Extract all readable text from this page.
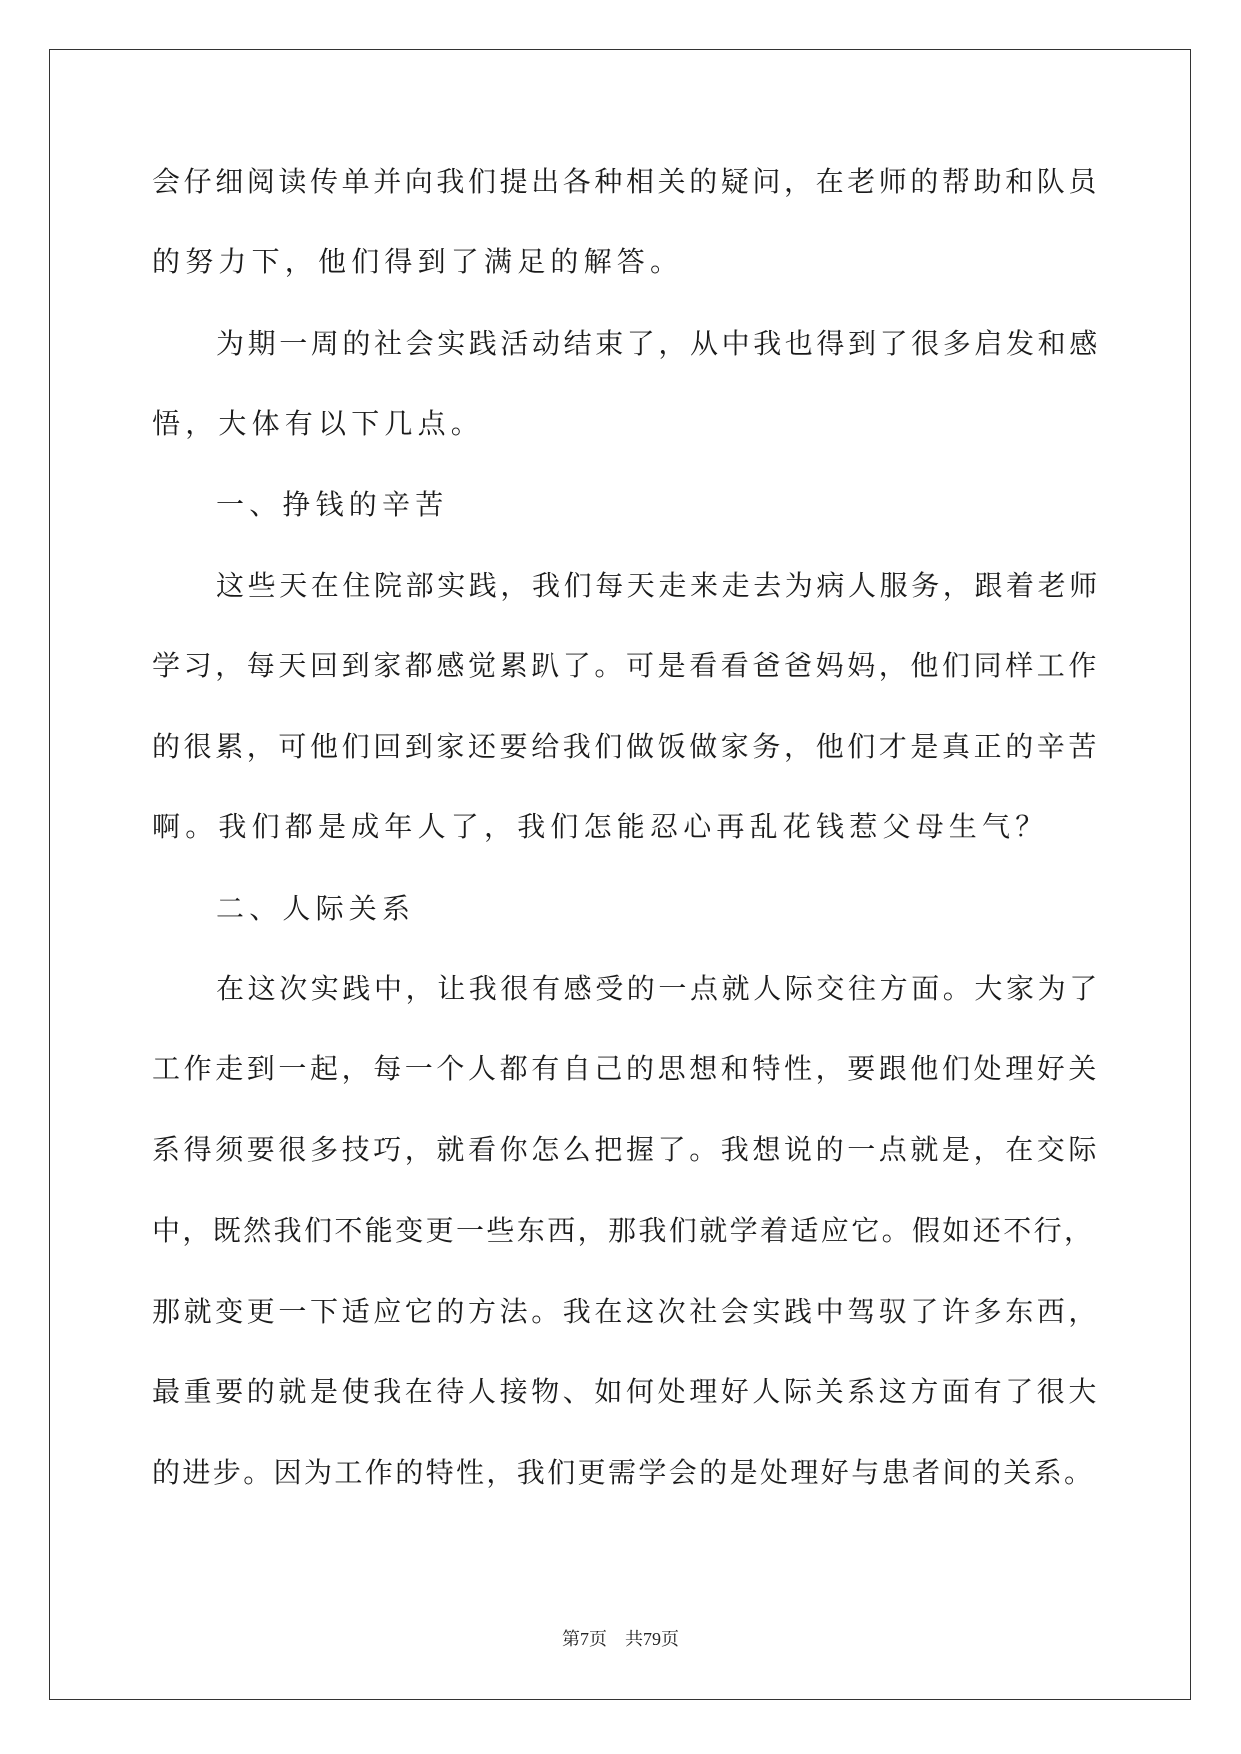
会仔细阅读传单并向我们提出各种相关的疑问，在老师的帮助和队员
的努力下，他们得到了满足的解答。
为期一周的社会实践活动结束了，从中我也得到了很多启发和感
悟，大体有以下几点。
一、挣钱的辛苦
这些天在住院部实践，我们每天走来走去为病人服务，跟着老师
学习，每天回到家都感觉累趴了。可是看看爸爸妈妈，他们同样工作
的很累，可他们回到家还要给我们做饭做家务，他们才是真正的辛苦
啊。我们都是成年人了，我们怎能忍心再乱花钱惹父母生气？
二、人际关系
在这次实践中，让我很有感受的一点就人际交往方面。大家为了
工作走到一起，每一个人都有自己的思想和特性，要跟他们处理好关
系得须要很多技巧，就看你怎么把握了。我想说的一点就是，在交际
中，既然我们不能变更一些东西，那我们就学着适应它。假如还不行，
那就变更一下适应它的方法。我在这次社会实践中驾驭了许多东西，
最重要的就是使我在待人接物、如何处理好人际关系这方面有了很大
的进步。因为工作的特性，我们更需学会的是处理好与患者间的关系。
第7页 共79页
